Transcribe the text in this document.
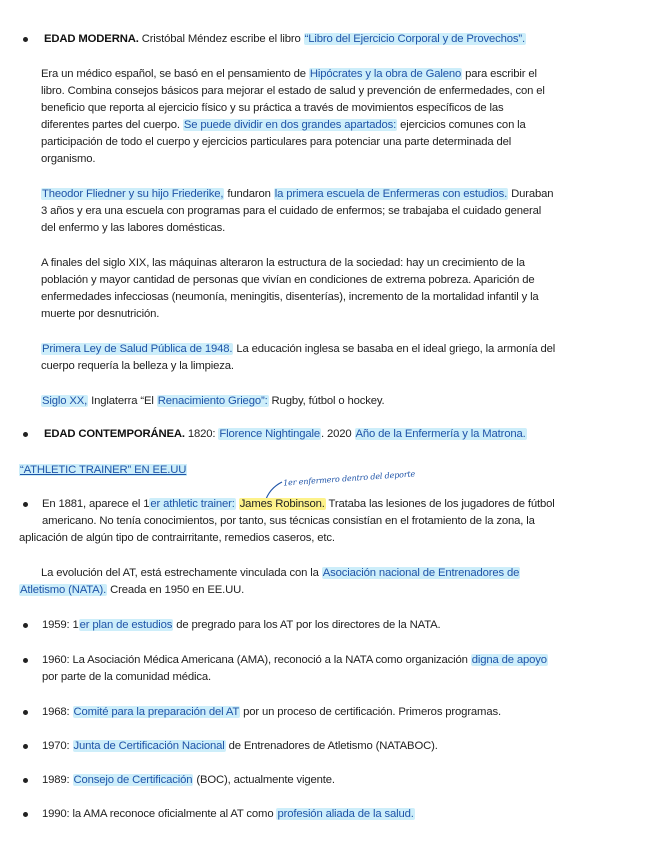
EDAD MODERNA. Cristóbal Méndez escribe el libro “Libro del Ejercicio Corporal y de Provechos”.
Era un médico español, se basó en el pensamiento de Hipócrates y la obra de Galeno para escribir el
libro. Combina consejos básicos para mejorar el estado de salud y prevención de enfermedades, con el
beneficio que reporta al ejercicio físico y su práctica a través de movimientos específicos de las
diferentes partes del cuerpo. Se puede dividir en dos grandes apartados: ejercicios comunes con la
participación de todo el cuerpo y ejercicios particulares para potenciar una parte determinada del
organismo.
Theodor Fliedner y su hijo Friederike, fundaron la primera escuela de Enfermeras con estudios. Duraban
3 años y era una escuela con programas para el cuidado de enfermos; se trabajaba el cuidado general
del enfermo y las labores domésticas.
A finales del siglo XIX, las máquinas alteraron la estructura de la sociedad: hay un crecimiento de la
población y mayor cantidad de personas que vivían en condiciones de extrema pobreza. Aparición de
enfermedades infecciosas (neumonía, meningitis, disenterías), incremento de la mortalidad infantil y la
muerte por desnutrición.
Primera Ley de Salud Pública de 1948. La educación inglesa se basaba en el ideal griego, la armonía del
cuerpo requería la belleza y la limpieza.
Siglo XX, Inglaterra “El Renacimiento Griego”: Rugby, fútbol o hockey.
EDAD CONTEMPORÁNEA. 1820: Florence Nightingale. 2020 Año de la Enfermería y la Matrona.
“ATHLETIC TRAINER” EN EE.UU	1er enfermero dentro del deporte
En 1881, aparece el 1er athletic trainer: James Robinson. Trataba las lesiones de los jugadores de fútbol
americano. No tenía conocimientos, por tanto, sus técnicas consistían en el frotamiento de la zona, la
aplicación de algún tipo de contrairritante, remedios caseros, etc.
La evolución del AT, está estrechamente vinculada con la Asociación nacional de Entrenadores de
Atletismo (NATA). Creada en 1950 en EE.UU.
1959: 1er plan de estudios de pregrado para los AT por los directores de la NATA.
1960: La Asociación Médica Americana (AMA), reconoció a la NATA como organización digna de apoyo
por parte de la comunidad médica.
1968: Comité para la preparación del AT por un proceso de certificación. Primeros programas.
1970: Junta de Certificación Nacional de Entrenadores de Atletismo (NATABOC).
1989: Consejo de Certificación (BOC), actualmente vigente.
1990: la AMA reconoce oficialmente al AT como profesión aliada de la salud.
